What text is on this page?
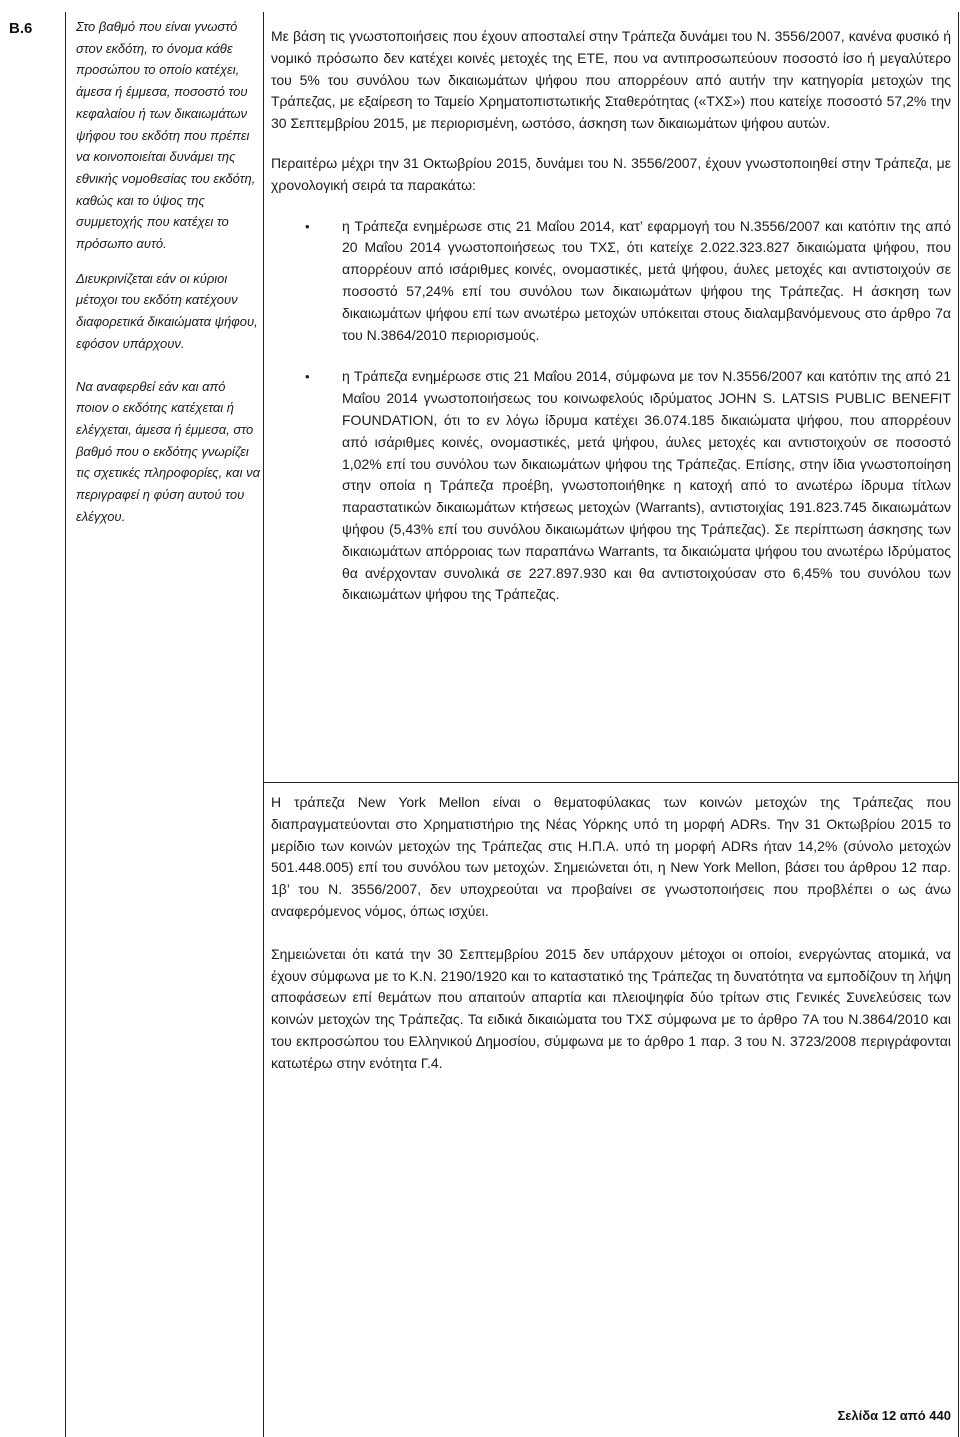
B.6	Στο βαθμό που είναι γνωστό στον εκδότη, το όνομα κάθε προσώπου το οποίο κατέχει, άμεσα ή έμμεσα, ποσοστό του κεφαλαίου ή των δικαιωμάτων ψήφου του εκδότη που πρέπει να κοινοποιείται δυνάμει της εθνικής νομοθεσίας του εκδότη, καθώς και το ύψος της συμμετοχής που κατέχει το πρόσωπο αυτό.

Διευκρινίζεται εάν οι κύριοι μέτοχοι του εκδότη κατέχουν διαφορετικά δικαιώματα ψήφου, εφόσον υπάρχουν.

Να αναφερθεί εάν και από ποιον ο εκδότης κατέχεται ή ελέγχεται, άμεσα ή έμμεσα, στο βαθμό που ο εκδότης γνωρίζει τις σχετικές πληροφορίες, και να περιγραφεί η φύση αυτού του ελέγχου.

Με βάση τις γνωστοποιήσεις που έχουν αποσταλεί στην Τράπεζα δυνάμει του Ν. 3556/2007, κανένα φυσικό ή νομικό πρόσωπο δεν κατέχει κοινές μετοχές της ΕΤΕ, που να αντιπροσωπεύουν ποσοστό ίσο ή μεγαλύτερο του 5% του συνόλου των δικαιωμάτων ψήφου που απορρέουν από αυτήν την κατηγορία μετοχών της Τράπεζας, με εξαίρεση το Ταμείο Χρηματοπιστωτικής Σταθερότητας («ΤΧΣ») που κατείχε ποσοστό 57,2% την 30 Σεπτεμβρίου 2015, με περιορισμένη, ωστόσο, άσκηση των δικαιωμάτων ψήφου αυτών.

Περαιτέρω μέχρι την 31 Οκτωβρίου 2015, δυνάμει του Ν. 3556/2007, έχουν γνωστοποιηθεί στην Τράπεζα, με χρονολογική σειρά τα παρακάτω:

• η Τράπεζα ενημέρωσε στις 21 Μαΐου 2014, κατ’ εφαρμογή του Ν.3556/2007 και κατόπιν της από 20 Μαΐου 2014 γνωστοποιήσεως του ΤΧΣ, ότι κατείχε 2.022.323.827 δικαιώματα ψήφου, που απορρέουν από ισάριθμες κοινές, ονομαστικές, μετά ψήφου, άυλες μετοχές και αντιστοιχούν σε ποσοστό 57,24% επί του συνόλου των δικαιωμάτων ψήφου της Τράπεζας. Η άσκηση των δικαιωμάτων ψήφου επί των ανωτέρω μετοχών υπόκειται στους διαλαμβανόμενους στο άρθρο 7α του Ν.3864/2010 περιορισμούς.
• η Τράπεζα ενημέρωσε στις 21 Μαΐου 2014, σύμφωνα με τον Ν.3556/2007 και κατόπιν της από 21 Μαΐου 2014 γνωστοποιήσεως του κοινωφελούς ιδρύματος JOHN S. LATSIS PUBLIC BENEFIT FOUNDATION, ότι το εν λόγω ίδρυμα κατέχει 36.074.185 δικαιώματα ψήφου, που απορρέουν από ισάριθμες κοινές, ονομαστικές, μετά ψήφου, άυλες μετοχές και αντιστοιχούν σε ποσοστό 1,02% επί του συνόλου των δικαιωμάτων ψήφου της Τράπεζας. Επίσης, στην ίδια γνωστοποίηση στην οποία η Τράπεζα προέβη, γνωστοποιήθηκε η κατοχή από το ανωτέρω ίδρυμα τίτλων παραστατικών δικαιωμάτων κτήσεως μετοχών (Warrants), αντιστοιχίας 191.823.745 δικαιωμάτων ψήφου (5,43% επί του συνόλου δικαιωμάτων ψήφου της Τράπεζας). Σε περίπτωση άσκησης των δικαιωμάτων απόρροιας των παραπάνω Warrants, τα δικαιώματα ψήφου του ανωτέρω Ιδρύματος θα ανέρχονταν συνολικά σε 227.897.930 και θα αντιστοιχούσαν στο 6,45% του συνόλου των δικαιωμάτων ψήφου της Τράπεζας.

Η τράπεζα New York Mellon είναι ο θεματοφύλακας των κοινών μετοχών της Τράπεζας που διαπραγματεύονται στο Χρηματιστήριο της Νέας Υόρκης υπό τη μορφή ADRs. Την 31 Οκτωβρίου 2015 το μερίδιο των κοινών μετοχών της Τράπεζας στις Η.Π.Α. υπό τη μορφή ADRs ήταν 14,2% (σύνολο μετοχών 501.448.005) επί του συνόλου των μετοχών. Σημειώνεται ότι, η New York Mellon, βάσει του άρθρου 12 παρ. 1β’ του Ν. 3556/2007, δεν υποχρεούται να προβαίνει σε γνωστοποιήσεις που προβλέπει ο ως άνω αναφερόμενος νόμος, όπως ισχύει.

Σημειώνεται ότι κατά την 30 Σεπτεμβρίου 2015 δεν υπάρχουν μέτοχοι οι οποίοι, ενεργώντας ατομικά, να έχουν σύμφωνα με το Κ.Ν. 2190/1920 και το καταστατικό της Τράπεζας τη δυνατότητα να εμποδίζουν τη λήψη αποφάσεων επί θεμάτων που απαιτούν απαρτία και πλειοψηφία δύο τρίτων στις Γενικές Συνελεύσεις των κοινών μετοχών της Τράπεζας. Τα ειδικά δικαιώματα του ΤΧΣ σύμφωνα με το άρθρο 7Α του Ν.3864/2010 και του εκπροσώπου του Ελληνικού Δημοσίου, σύμφωνα με το άρθρο 1 παρ. 3 του Ν. 3723/2008 περιγράφονται κατωτέρω στην ενότητα Γ.4.

Σελίδα 12 από 440
